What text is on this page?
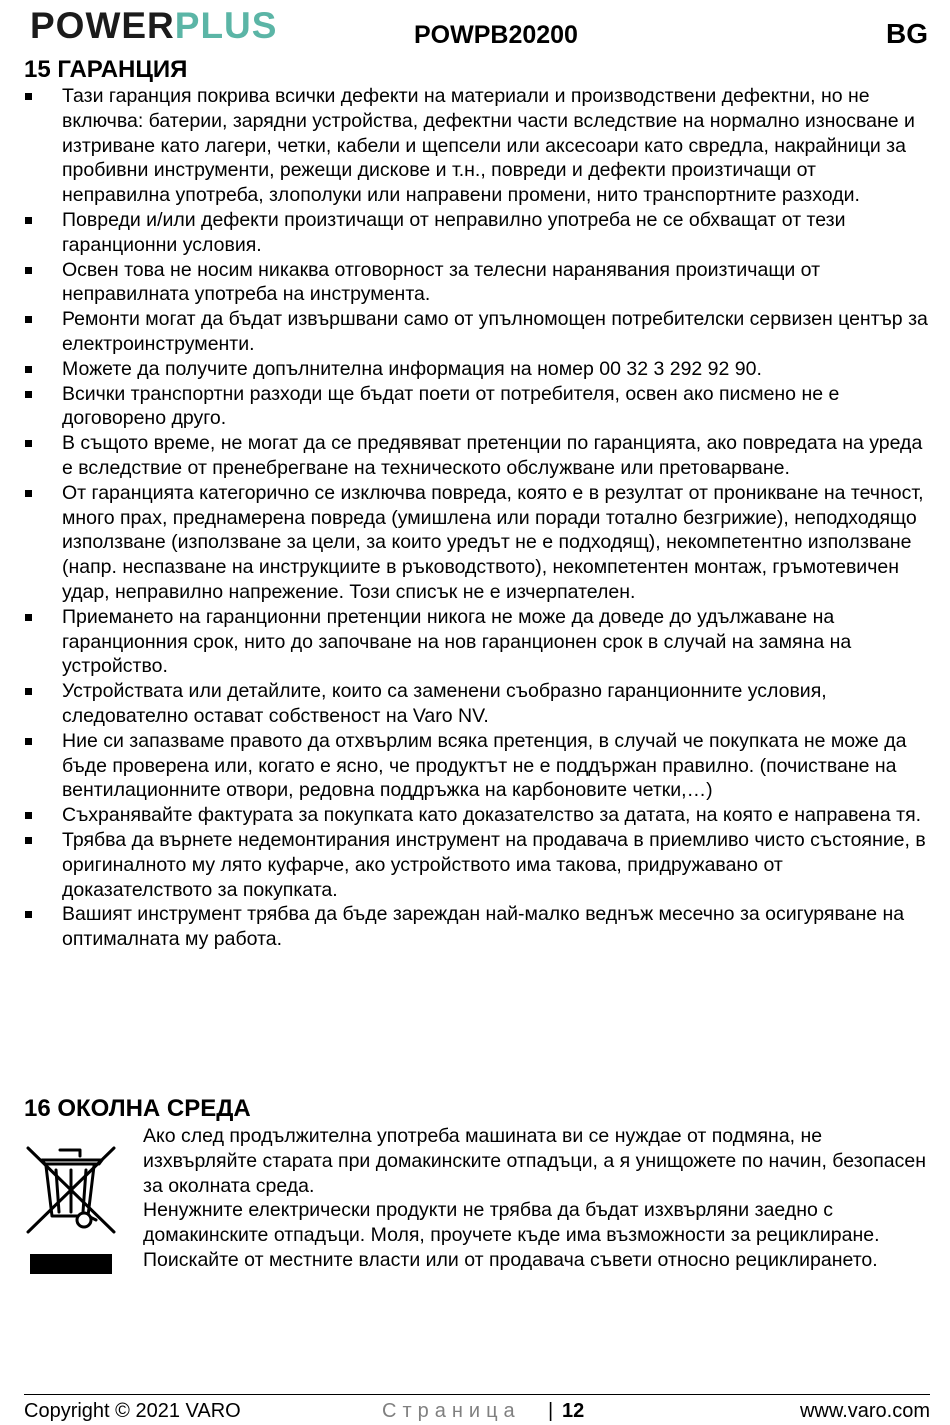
POWERPLUS	POWPB20200	BG
15 ГАРАНЦИЯ
Тази гаранция покрива всички дефекти на материали и производствени дефектни, но не включва: батерии, зарядни устройства, дефектни части вследствие на нормално износване и изтриване като лагери, четки, кабели и щепсели или аксесоари като свредла, накрайници за пробивни инструменти, режещи дискове и т.н., повреди и дефекти произтичащи от неправилна употреба, злополуки или направени промени, нито транспортните разходи.
Повреди и/или дефекти произтичащи от неправилно употреба не се обхващат от тези гаранционни условия.
Освен това не носим никаква отговорност за телесни наранявания произтичащи от неправилната употреба на инструмента.
Ремонти могат да бъдат извършвани само от упълномощен потребителски сервизен център за електроинструменти.
Можете да получите допълнителна информация на номер 00 32 3 292 92 90.
Всички транспортни разходи ще бъдат поети от потребителя, освен ако писмено не е договорено друго.
В същото време, не могат да се предявяват претенции по гаранцията, ако повредата на уреда е вследствие от пренебрегване на техническото обслужване или претоварване.
От гаранцията категорично се изключва повреда, която е в резултат от проникване на течност, много прах, преднамерена повреда (умишлена или поради тотално безгрижие), неподходящо използване (използване за цели, за които уредът не е подходящ), некомпетентно използване (напр. неспазване на инструкциите в ръководството), некомпетентен монтаж, гръмотевичен удар, неправилно напрежение. Този списък не е изчерпателен.
Приемането на гаранционни претенции никога не може да доведе до удължаване на гаранционния срок, нито до започване на нов гаранционен срок в случай на замяна на устройство.
Устройствата или детайлите, които са заменени съобразно гаранционните условия, следователно остават собственост на Varo NV.
Ние си запазваме правото да отхвърлим всяка претенция, в случай че покупката не може да бъде проверена или, когато е ясно, че продуктът не е поддържан правилно. (почистване на вентилационните отвори, редовна поддръжка на карбоновите четки,…)
Съхранявайте фактурата за покупката като доказателство за датата, на която е направена тя.
Трябва да върнете недемонтирания инструмент на продавача в приемливо чисто състояние, в оригиналното му лято куфарче, ако устройството има такова, придружавано от доказателството за покупката.
Вашият инструмент трябва да бъде зареждан най-малко веднъж месечно за осигуряване на оптималната му работа.
16 ОКОЛНА СРЕДА

Ако след продължителна употреба машината ви се нуждае от подмяна, не изхвърляйте старата при домакинските отпадъци, а я унищожете по начин, безопасен за околната среда.

Ненужните електрически продукти не трябва да бъдат изхвърляни заедно с домакинските отпадъци. Моля, проучете къде има възможности за рециклиране. Поискайте от местните власти или от продавача съвети относно рециклирането.

Copyright © 2021 VARO	Страница | 12	www.varo.com
